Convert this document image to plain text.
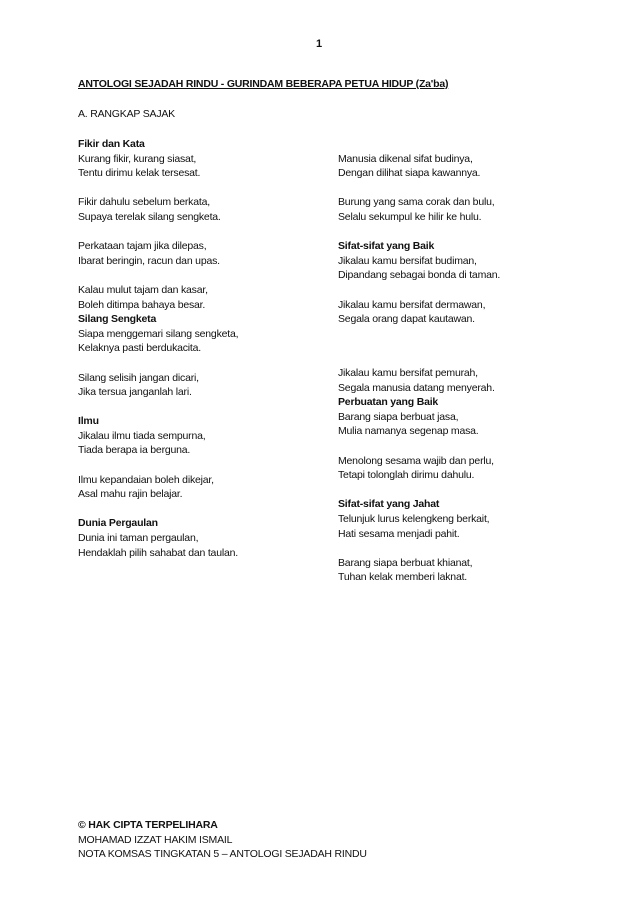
1
ANTOLOGI SEJADAH RINDU - GURINDAM BEBERAPA PETUA HIDUP (Za'ba)
A. RANGKAP SAJAK
Fikir dan Kata
Kurang fikir, kurang siasat,
Tentu dirimu kelak tersesat.
Fikir dahulu sebelum berkata,
Supaya terelak silang sengketa.
Perkataan tajam jika dilepas,
Ibarat beringin, racun dan upas.
Kalau mulut tajam dan kasar,
Boleh ditimpa bahaya besar.
Silang Sengketa
Siapa menggemari silang sengketa,
Kelaknya pasti berdukacita.
Silang selisih jangan dicari,
Jika tersua janganlah lari.
Ilmu
Jikalau ilmu tiada sempurna,
Tiada berapa ia berguna.
Ilmu kepandaian boleh dikejar,
Asal mahu rajin belajar.
Dunia Pergaulan
Dunia ini taman pergaulan,
Hendaklah pilih sahabat dan taulan.
Manusia dikenal sifat budinya,
Dengan dilihat siapa kawannya.
Burung yang sama corak dan bulu,
Selalu sekumpul ke hilir ke hulu.
Sifat-sifat yang Baik
Jikalau kamu bersifat budiman,
Dipandang sebagai bonda di taman.
Jikalau kamu bersifat dermawan,
Segala orang dapat kautawan.
Jikalau kamu bersifat pemurah,
Segala manusia datang menyerah.
Perbuatan yang Baik
Barang siapa berbuat jasa,
Mulia namanya segenap masa.
Menolong sesama wajib dan perlu,
Tetapi tolonglah dirimu dahulu.
Sifat-sifat yang Jahat
Telunjuk lurus kelengkeng berkait,
Hati sesama menjadi pahit.
Barang siapa berbuat khianat,
Tuhan kelak memberi laknat.
© HAK CIPTA TERPELIHARA
MOHAMAD IZZAT HAKIM ISMAIL
NOTA KOMSAS TINGKATAN 5 – ANTOLOGI SEJADAH RINDU
